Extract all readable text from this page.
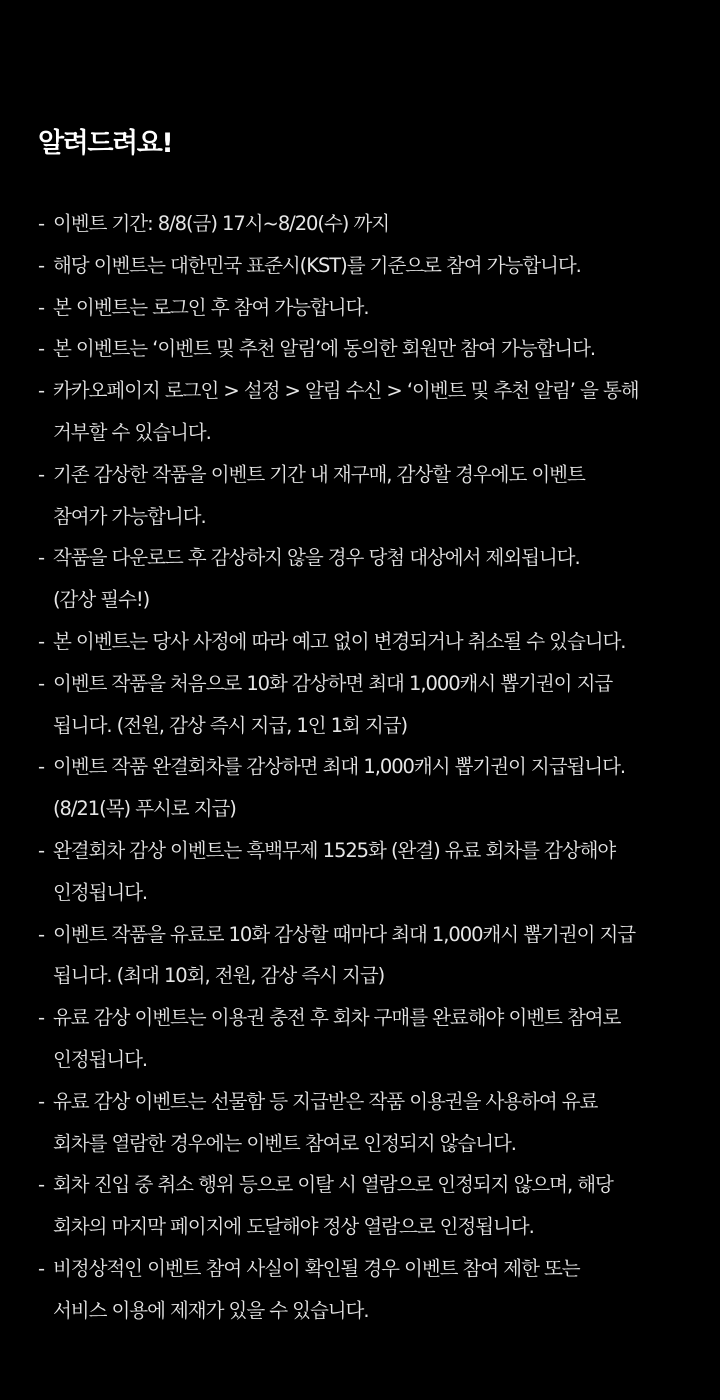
알려드려요!
- 이벤트 기간: 8/8(금) 17시~8/20(수) 까지
- 해당 이벤트는 대한민국 표준시(KST)를 기준으로 참여 가능합니다.
- 본 이벤트는 로그인 후 참여 가능합니다.
- 본 이벤트는 ‘이벤트 및 추천 알림’에 동의한 회원만 참여 가능합니다.
- 카카오페이지 로그인 > 설정 > 알림 수신 > ‘이벤트 및 추천 알림’ 을 통해
거부할 수 있습니다.
- 기존 감상한 작품을 이벤트 기간 내 재구매, 감상할 경우에도 이벤트
참여가 가능합니다.
- 작품을 다운로드 후 감상하지 않을 경우 당첨 대상에서 제외됩니다.
(감상 필수!)
- 본 이벤트는 당사 사정에 따라 예고 없이 변경되거나 취소될 수 있습니다.
- 이벤트 작품을 처음으로 10화 감상하면 최대 1,000캐시 뽑기권이 지급
됩니다. (전원, 감상 즉시 지급, 1인 1회 지급)
- 이벤트 작품 완결회차를 감상하면 최대 1,000캐시 뽑기권이 지급됩니다.
(8/21(목) 푸시로 지급)
- 완결회차 감상 이벤트는 흑백무제 1525화 (완결) 유료 회차를 감상해야
인정됩니다.
- 이벤트 작품을 유료로 10화 감상할 때마다 최대 1,000캐시 뽑기권이 지급
됩니다. (최대 10회, 전원, 감상 즉시 지급)
- 유료 감상 이벤트는 이용권 충전 후 회차 구매를 완료해야 이벤트 참여로
인정됩니다.
- 유료 감상 이벤트는 선물함 등 지급받은 작품 이용권을 사용하여 유료
회차를 열람한 경우에는 이벤트 참여로 인정되지 않습니다.
- 회차 진입 중 취소 행위 등으로 이탈 시 열람으로 인정되지 않으며, 해당
회차의 마지막 페이지에 도달해야 정상 열람으로 인정됩니다.
- 비정상적인 이벤트 참여 사실이 확인될 경우 이벤트 참여 제한 또는
서비스 이용에 제재가 있을 수 있습니다.
